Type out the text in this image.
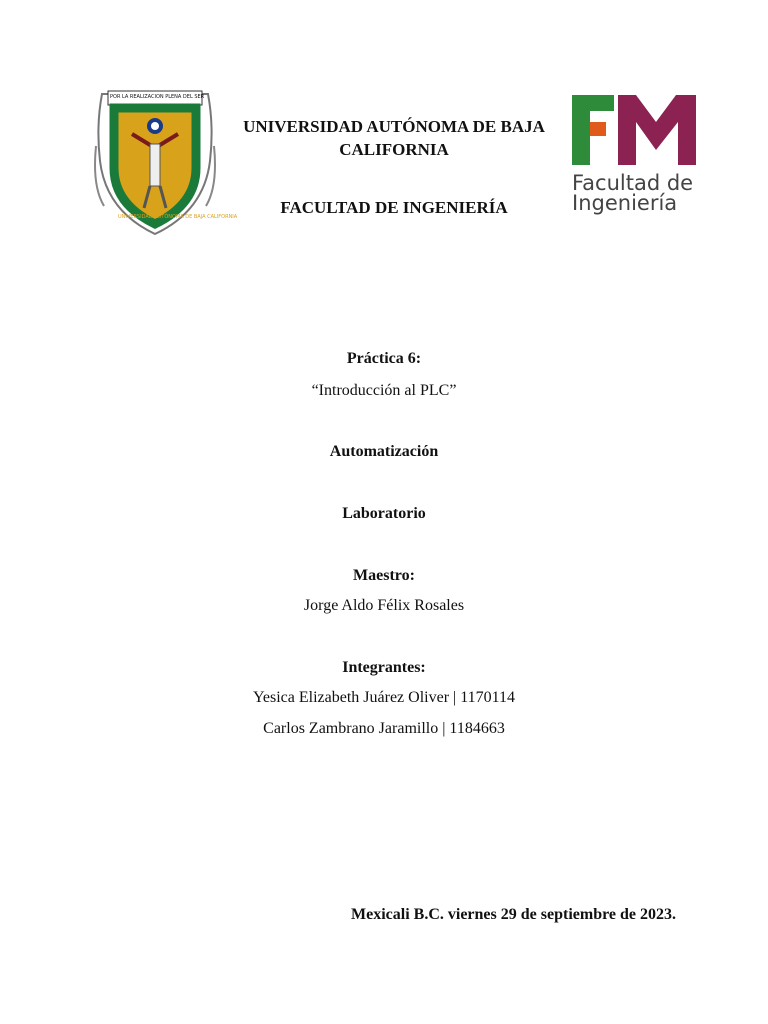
POR LA REALIZACION PLENA DEL SER
UNIVERSIDAD AUTÓNOMA DE BAJA CALIFORNIA
UNIVERSIDAD AUTÓNOMA DE BAJA CALIFORNIA
FACULTAD DE INGENIERÍA
Facultad de
Ingeniería
Práctica 6:
“Introducción al PLC”
Automatización
Laboratorio
Maestro:
Jorge Aldo Félix Rosales
Integrantes:
Yesica Elizabeth Juárez Oliver | 1170114
Carlos Zambrano Jaramillo | 1184663
Mexicali B.C. viernes 29 de septiembre de 2023.
